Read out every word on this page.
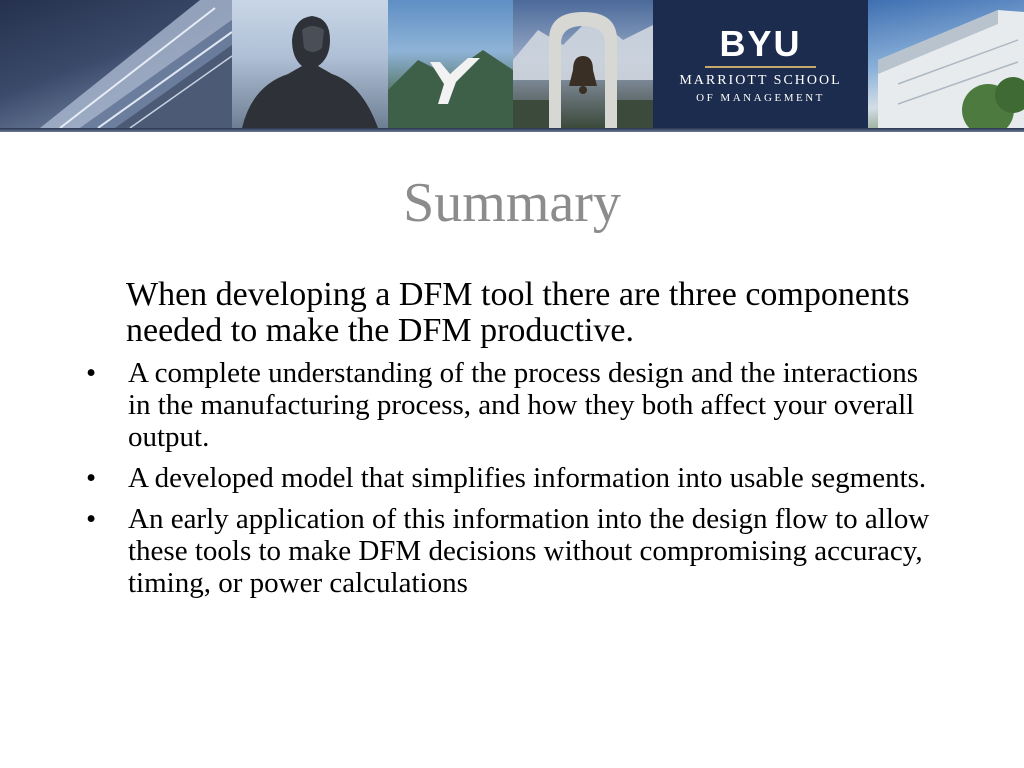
BYU
MARRIOTT SCHOOL
OF MANAGEMENT
Summary

When developing a DFM tool there are three components needed to make the DFM productive.

•	A complete understanding of the process design and the interactions in the manufacturing process, and how they both affect your overall output.
•	A developed model that simplifies information into usable segments.
•	An early application of this information into the design flow to allow these tools to make DFM decisions without compromising accuracy, timing, or power calculations
